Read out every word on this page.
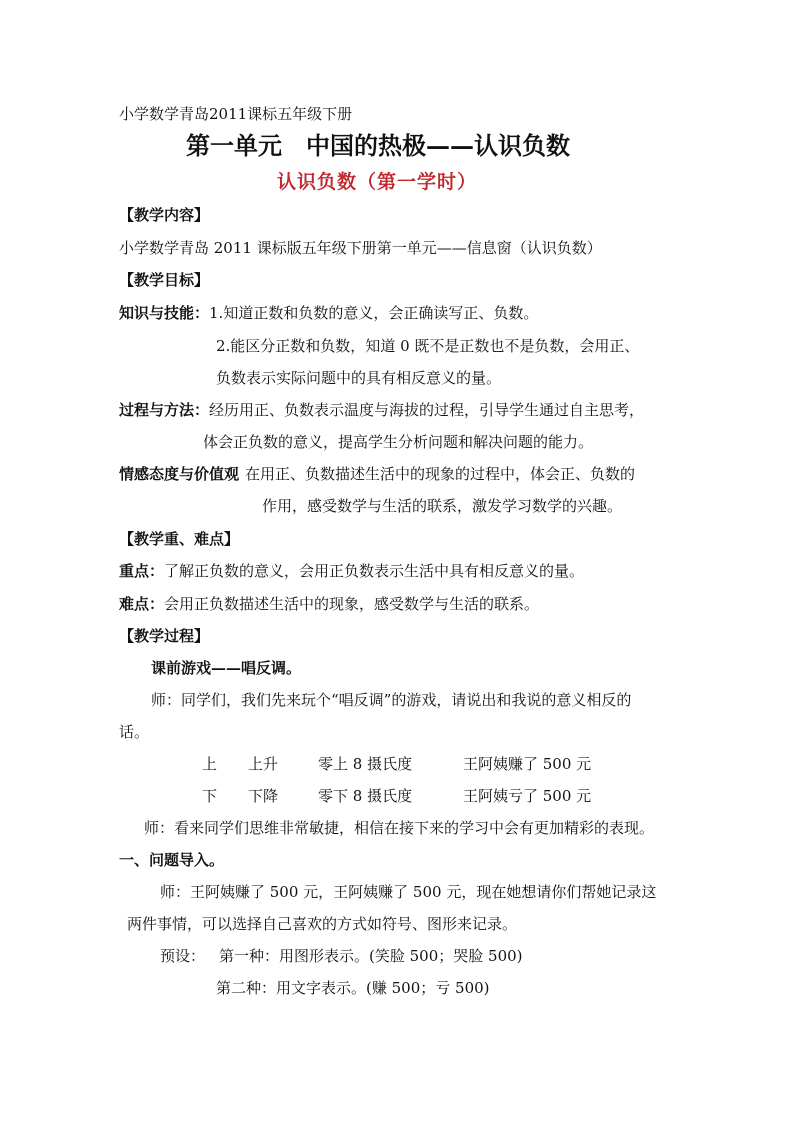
小学数学青岛2011课标五年级下册
第一单元　中国的热极——认识负数
认识负数（第一学时）
【教学内容】
小学数学青岛 2011 课标版五年级下册第一单元——信息窗（认识负数）
【教学目标】
知识与技能：1.知道正数和负数的意义，会正确读写正、负数。
2.能区分正数和负数，知道 0 既不是正数也不是负数，会用正、
负数表示实际问题中的具有相反意义的量。
过程与方法：经历用正、负数表示温度与海拔的过程，引导学生通过自主思考，
体会正负数的意义，提高学生分析问题和解决问题的能力。
情感态度与价值观 在用正、负数描述生活中的现象的过程中，体会正、负数的
作用，感受数学与生活的联系，激发学习数学的兴趣。
【教学重、难点】
重点：了解正负数的意义，会用正负数表示生活中具有相反意义的量。
难点：会用正负数描述生活中的现象，感受数学与生活的联系。
【教学过程】
课前游戏——唱反调。
师：同学们，我们先来玩个“唱反调”的游戏，请说出和我说的意义相反的
话。
上 上升	零上 8 摄氏度	王阿姨赚了 500 元
下 下降	零下 8 摄氏度	王阿姨亏了 500 元
师：看来同学们思维非常敏捷，相信在接下来的学习中会有更加精彩的表现。
一、问题导入。
师：王阿姨赚了 500 元，王阿姨赚了 500 元，现在她想请你们帮她记录这
两件事情，可以选择自己喜欢的方式如符号、图形来记录。
预设： 第一种：用图形表示。(笑脸 500；哭脸 500)
第二种：用文字表示。(赚 500；亏 500)
